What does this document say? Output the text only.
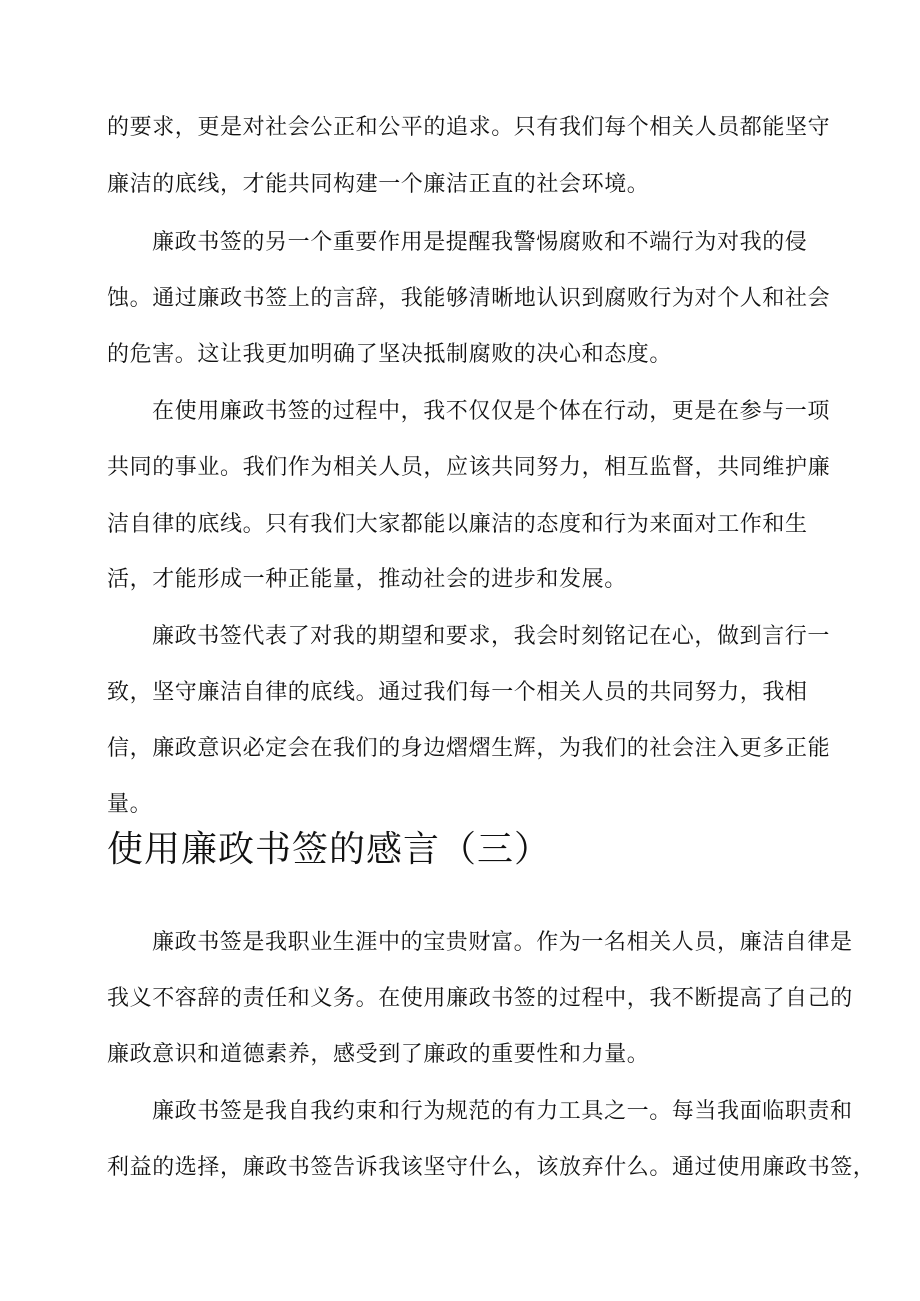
的要求，更是对社会公正和公平的追求。只有我们每个相关人员都能坚守
廉洁的底线，才能共同构建一个廉洁正直的社会环境。
廉政书签的另一个重要作用是提醒我警惕腐败和不端行为对我的侵
蚀。通过廉政书签上的言辞，我能够清晰地认识到腐败行为对个人和社会
的危害。这让我更加明确了坚决抵制腐败的决心和态度。
在使用廉政书签的过程中，我不仅仅是个体在行动，更是在参与一项
共同的事业。我们作为相关人员，应该共同努力，相互监督，共同维护廉
洁自律的底线。只有我们大家都能以廉洁的态度和行为来面对工作和生
活，才能形成一种正能量，推动社会的进步和发展。
廉政书签代表了对我的期望和要求，我会时刻铭记在心，做到言行一
致，坚守廉洁自律的底线。通过我们每一个相关人员的共同努力，我相
信，廉政意识必定会在我们的身边熠熠生辉，为我们的社会注入更多正能
量。
使用廉政书签的感言（三）
廉政书签是我职业生涯中的宝贵财富。作为一名相关人员，廉洁自律是
我义不容辞的责任和义务。在使用廉政书签的过程中，我不断提高了自己的
廉政意识和道德素养，感受到了廉政的重要性和力量。
廉政书签是我自我约束和行为规范的有力工具之一。每当我面临职责和
利益的选择，廉政书签告诉我该坚守什么，该放弃什么。通过使用廉政书签，
